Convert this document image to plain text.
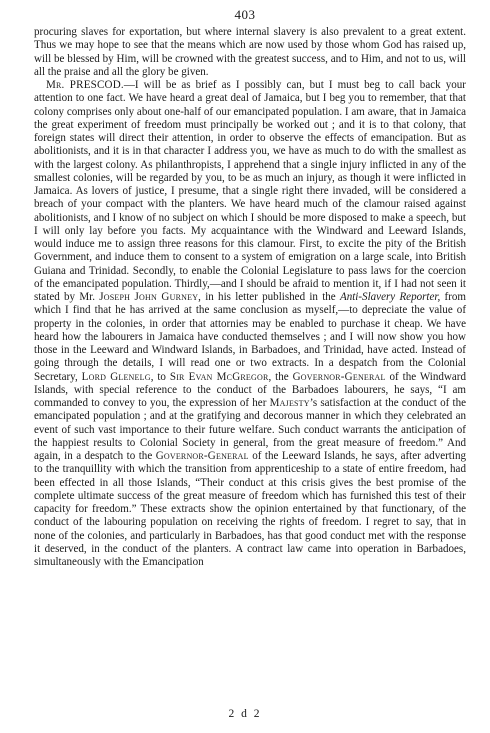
403

procuring slaves for exportation, but where internal slavery is also prevalent to a great extent. Thus we may hope to see that the means which are now used by those whom God has raised up, will be blessed by Him, will be crowned with the greatest success, and to Him, and not to us, will all the praise and all the glory be given.

Mr. PRESCOD.—I will be as brief as I possibly can, but I must beg to call back your attention to one fact. We have heard a great deal of Jamaica, but I beg you to remember, that that colony comprises only about one-half of our emancipated population. I am aware, that in Jamaica the great experiment of freedom must principally be worked out ; and it is to that colony, that foreign states will direct their attention, in order to observe the effects of emancipation. But as abolitionists, and it is in that character I address you, we have as much to do with the smallest as with the largest colony. As philanthropists, I apprehend that a single injury inflicted in any of the smallest colonies, will be regarded by you, to be as much an injury, as though it were inflicted in Jamaica. As lovers of justice, I presume, that a single right there invaded, will be considered a breach of your compact with the planters. We have heard much of the clamour raised against abolitionists, and I know of no subject on which I should be more disposed to make a speech, but I will only lay before you facts. My acquaintance with the Windward and Leeward Islands, would induce me to assign three reasons for this clamour. First, to excite the pity of the British Government, and induce them to consent to a system of emigration on a large scale, into British Guiana and Trinidad. Secondly, to enable the Colonial Legislature to pass laws for the coercion of the emancipated population. Thirdly,—and I should be afraid to mention it, if I had not seen it stated by Mr. Joseph John Gurney, in his letter published in the Anti-Slavery Reporter, from which I find that he has arrived at the same conclusion as myself,—to depreciate the value of property in the colonies, in order that attornies may be enabled to purchase it cheap. We have heard how the labourers in Jamaica have conducted themselves ; and I will now show you how those in the Leeward and Windward Islands, in Barbadoes, and Trinidad, have acted. Instead of going through the details, I will read one or two extracts. In a despatch from the Colonial Secretary, Lord Glenelg, to Sir Evan McGregor, the Governor-General of the Windward Islands, with special reference to the conduct of the Barbadoes labourers, he says, “I am commanded to convey to you, the expression of her Majesty’s satisfaction at the conduct of the emancipated population ; and at the gratifying and decorous manner in which they celebrated an event of such vast importance to their future welfare. Such conduct warrants the anticipation of the happiest results to Colonial Society in general, from the great measure of freedom.” And again, in a despatch to the Governor-General of the Leeward Islands, he says, after adverting to the tranquillity with which the transition from apprenticeship to a state of entire freedom, had been effected in all those Islands, “Their conduct at this crisis gives the best promise of the complete ultimate success of the great measure of freedom which has furnished this test of their capacity for freedom.” These extracts show the opinion entertained by that functionary, of the conduct of the labouring population on receiving the rights of freedom. I regret to say, that in none of the colonies, and particularly in Barbadoes, has that good conduct met with the response it deserved, in the conduct of the planters. A contract law came into operation in Barbadoes, simultaneously with the Emancipation

2 d 2
